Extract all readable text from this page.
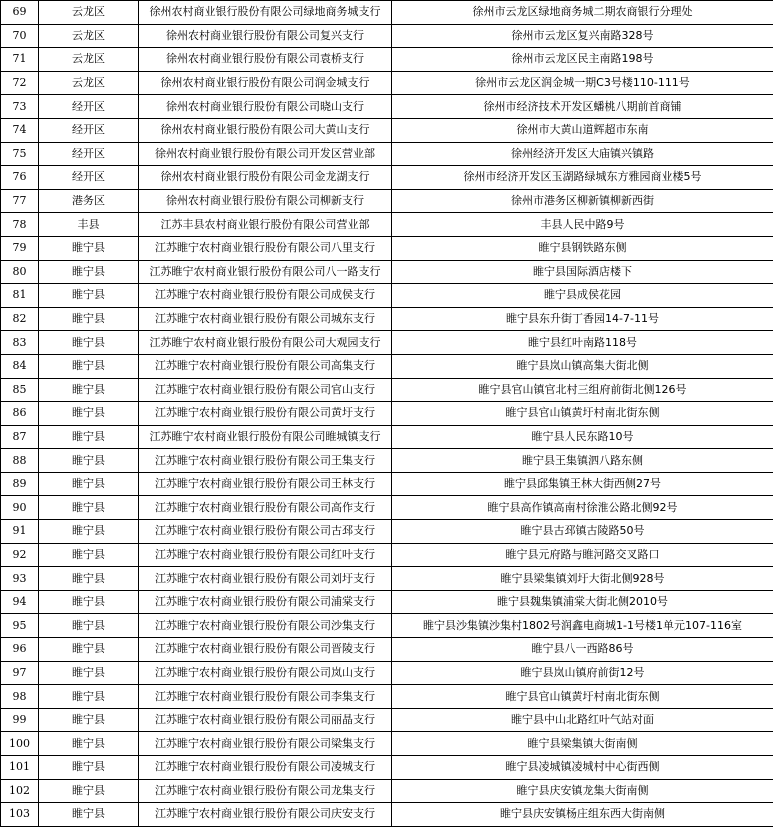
69	云龙区	徐州农村商业银行股份有限公司绿地商务城支行	徐州市云龙区绿地商务城二期农商银行分理处
70	云龙区	徐州农村商业银行股份有限公司复兴支行	徐州市云龙区复兴南路328号
71	云龙区	徐州农村商业银行股份有限公司袁桥支行	徐州市云龙区民主南路198号
72	云龙区	徐州农村商业银行股份有限公司润金城支行	徐州市云龙区润金城一期C3号楼110-111号
73	经开区	徐州农村商业银行股份有限公司晓山支行	徐州市经济技术开发区蟠桃八期前首商铺
74	经开区	徐州农村商业银行股份有限公司大黄山支行	徐州市大黄山道辉超市东南
75	经开区	徐州农村商业银行股份有限公司开发区营业部	徐州经济开发区大庙镇兴镇路
76	经开区	徐州农村商业银行股份有限公司金龙湖支行	徐州市经济开发区玉湖路绿城东方雅园商业楼5号
77	港务区	徐州农村商业银行股份有限公司柳新支行	徐州市港务区柳新镇柳新西街
78	丰县	江苏丰县农村商业银行股份有限公司营业部	丰县人民中路9号
79	睢宁县	江苏睢宁农村商业银行股份有限公司八里支行	睢宁县钢铁路东侧
80	睢宁县	江苏睢宁农村商业银行股份有限公司八一路支行	睢宁县国际酒店楼下
81	睢宁县	江苏睢宁农村商业银行股份有限公司成侯支行	睢宁县成侯花园
82	睢宁县	江苏睢宁农村商业银行股份有限公司城东支行	睢宁县东升街丁香园14-7-11号
83	睢宁县	江苏睢宁农村商业银行股份有限公司大观园支行	睢宁县红叶南路118号
84	睢宁县	江苏睢宁农村商业银行股份有限公司高集支行	睢宁县岚山镇高集大街北侧
85	睢宁县	江苏睢宁农村商业银行股份有限公司官山支行	睢宁县官山镇官北村三组府前街北侧126号
86	睢宁县	江苏睢宁农村商业银行股份有限公司黄圩支行	睢宁县官山镇黄圩村南北街东侧
87	睢宁县	江苏睢宁农村商业银行股份有限公司睢城镇支行	睢宁县人民东路10号
88	睢宁县	江苏睢宁农村商业银行股份有限公司王集支行	睢宁县王集镇泗八路东侧
89	睢宁县	江苏睢宁农村商业银行股份有限公司王林支行	睢宁县邱集镇王林大街西侧27号
90	睢宁县	江苏睢宁农村商业银行股份有限公司高作支行	睢宁县高作镇高南村徐淮公路北侧92号
91	睢宁县	江苏睢宁农村商业银行股份有限公司古邳支行	睢宁县古邳镇古陵路50号
92	睢宁县	江苏睢宁农村商业银行股份有限公司红叶支行	睢宁县元府路与睢河路交叉路口
93	睢宁县	江苏睢宁农村商业银行股份有限公司刘圩支行	睢宁县梁集镇刘圩大街北侧928号
94	睢宁县	江苏睢宁农村商业银行股份有限公司浦棠支行	睢宁县魏集镇浦棠大街北侧2010号
95	睢宁县	江苏睢宁农村商业银行股份有限公司沙集支行	睢宁县沙集镇沙集村1802号润鑫电商城1-1号楼1单元107-116室
96	睢宁县	江苏睢宁农村商业银行股份有限公司晋陵支行	睢宁县八一西路86号
97	睢宁县	江苏睢宁农村商业银行股份有限公司岚山支行	睢宁县岚山镇府前街12号
98	睢宁县	江苏睢宁农村商业银行股份有限公司李集支行	睢宁县官山镇黄圩村南北街东侧
99	睢宁县	江苏睢宁农村商业银行股份有限公司丽晶支行	睢宁县中山北路红叶气站对面
100	睢宁县	江苏睢宁农村商业银行股份有限公司梁集支行	睢宁县梁集镇大街南侧
101	睢宁县	江苏睢宁农村商业银行股份有限公司凌城支行	睢宁县凌城镇凌城村中心街西侧
102	睢宁县	江苏睢宁农村商业银行股份有限公司龙集支行	睢宁县庆安镇龙集大街南侧
103	睢宁县	江苏睢宁农村商业银行股份有限公司庆安支行	睢宁县庆安镇杨庄组东西大街南侧
